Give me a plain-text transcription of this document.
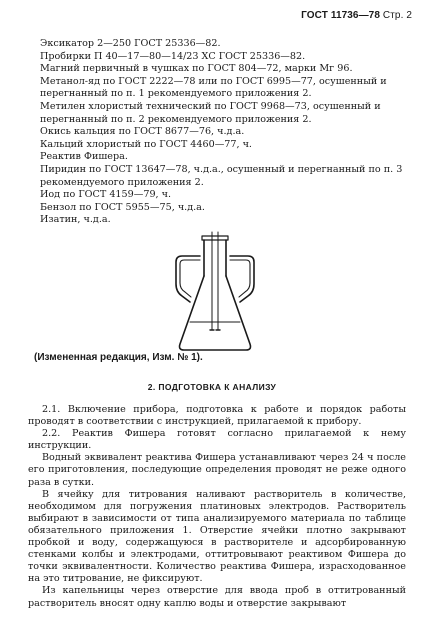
ГОСТ 11736—78 Стр. 2
Эксикатор 2—250 ГОСТ 25336—82.
Пробирки П 40—17—80—14/23 ХС ГОСТ 25336—82.
Магний первичный в чушках по ГОСТ 804—72, марки Мг 96.
Метанол-яд по ГОСТ 2222—78 или по ГОСТ 6995—77, осушенный и перегнанный по п. 1 рекомендуемого приложения 2.
Метилен хлористый технический по ГОСТ 9968—73, осушенный и перегнанный по п. 2 рекомендуемого приложения 2.
Окись кальция по ГОСТ 8677—76, ч.д.а.
Кальций хлористый по ГОСТ 4460—77, ч.
Реактив Фишера.
Пиридин по ГОСТ 13647—78, ч.д.а., осушенный и перегнанный по п. 3 рекомендуемого приложения 2.
Иод по ГОСТ 4159—79, ч.
Бензол по ГОСТ 5955—75, ч.д.а.
Изатин, ч.д.а.
(Измененная редакция, Изм. № 1).
2. ПОДГОТОВКА К АНАЛИЗУ

2.1. Включение прибора, подготовка к работе и порядок работы проводят в соответствии с инструкцией, прилагаемой к прибору.

2.2. Реактив Фишера готовят согласно прилагаемой к нему инструкции.

Водный эквивалент реактива Фишера устанавливают через 24 ч после его приготовления, последующие определения проводят не реже одного раза в сутки.

В ячейку для титрования наливают растворитель в количестве, необходимом для погружения платиновых электродов. Растворитель выбирают в зависимости от типа анализируемого материала по таблице обязательного приложения 1. Отверстие ячейки плотно закрывают пробкой и воду, содержащуюся в растворителе и адсорбированную стенками колбы и электродами, оттитровывают реактивом Фишера до точки эквивалентности. Количество реактива Фишера, израсходованное на это титрование, не фиксируют.

Из капельницы через отверстие для ввода проб в оттитрованный растворитель вносят одну каплю воды и отверстие закрывают
